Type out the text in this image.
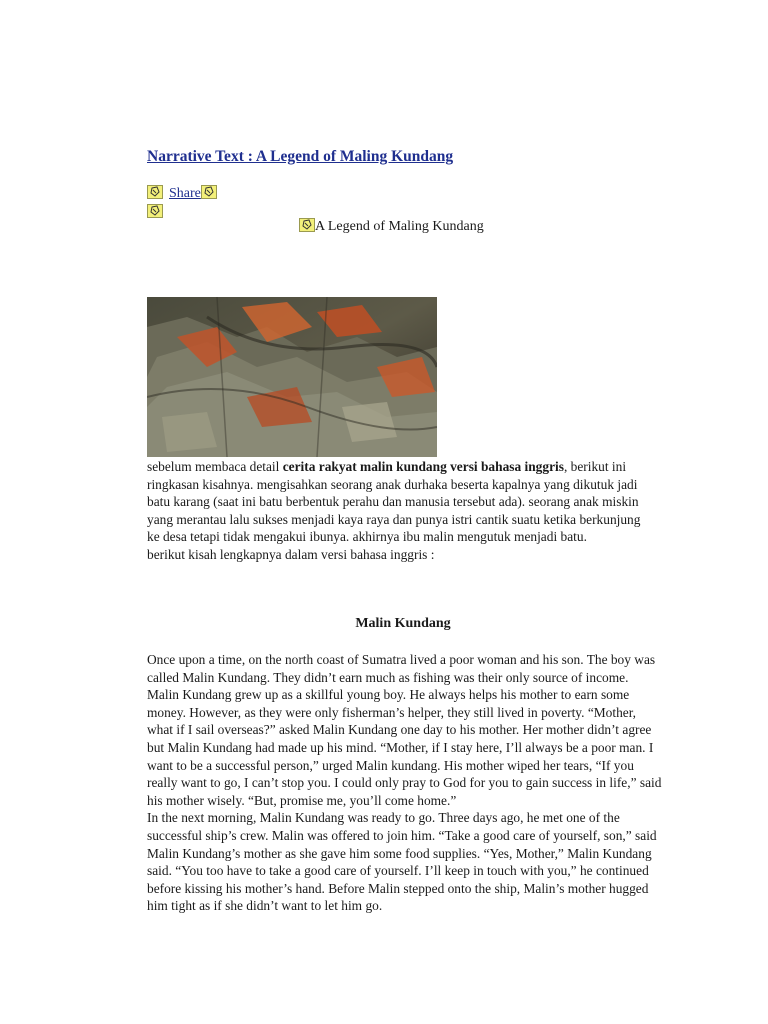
Narrative Text : A Legend of Maling Kundang
Share
A Legend of Maling Kundang

sebelum membaca detail cerita rakyat malin kundang versi bahasa inggris, berikut ini ringkasan kisahnya. mengisahkan seorang anak durhaka beserta kapalnya yang dikutuk jadi batu karang (saat ini batu berbentuk perahu dan manusia tersebut ada). seorang anak miskin yang merantau lalu sukses menjadi kaya raya dan punya istri cantik suatu ketika berkunjung ke desa tetapi tidak mengakui ibunya. akhirnya ibu malin mengutuk menjadi batu.

berikut kisah lengkapnya dalam versi bahasa inggris :

Malin Kundang

Once upon a time, on the north coast of Sumatra lived a poor woman and his son. The boy was called Malin Kundang. They didn’t earn much as fishing was their only source of income. Malin Kundang grew up as a skillful young boy. He always helps his mother to earn some money. However, as they were only fisherman’s helper, they still lived in poverty. “Mother, what if I sail overseas?” asked Malin Kundang one day to his mother. Her mother didn’t agree but Malin Kundang had made up his mind. “Mother, if I stay here, I’ll always be a poor man. I want to be a successful person,” urged Malin kundang. His mother wiped her tears, “If you really want to go, I can’t stop you. I could only pray to God for you to gain success in life,” said his mother wisely. “But, promise me, you’ll come home.”

In the next morning, Malin Kundang was ready to go. Three days ago, he met one of the successful ship’s crew. Malin was offered to join him. “Take a good care of yourself, son,” said Malin Kundang’s mother as she gave him some food supplies. “Yes, Mother,” Malin Kundang said. “You too have to take a good care of yourself. I’ll keep in touch with you,” he continued before kissing his mother’s hand. Before Malin stepped onto the ship, Malin’s mother hugged him tight as if she didn’t want to let him go.
